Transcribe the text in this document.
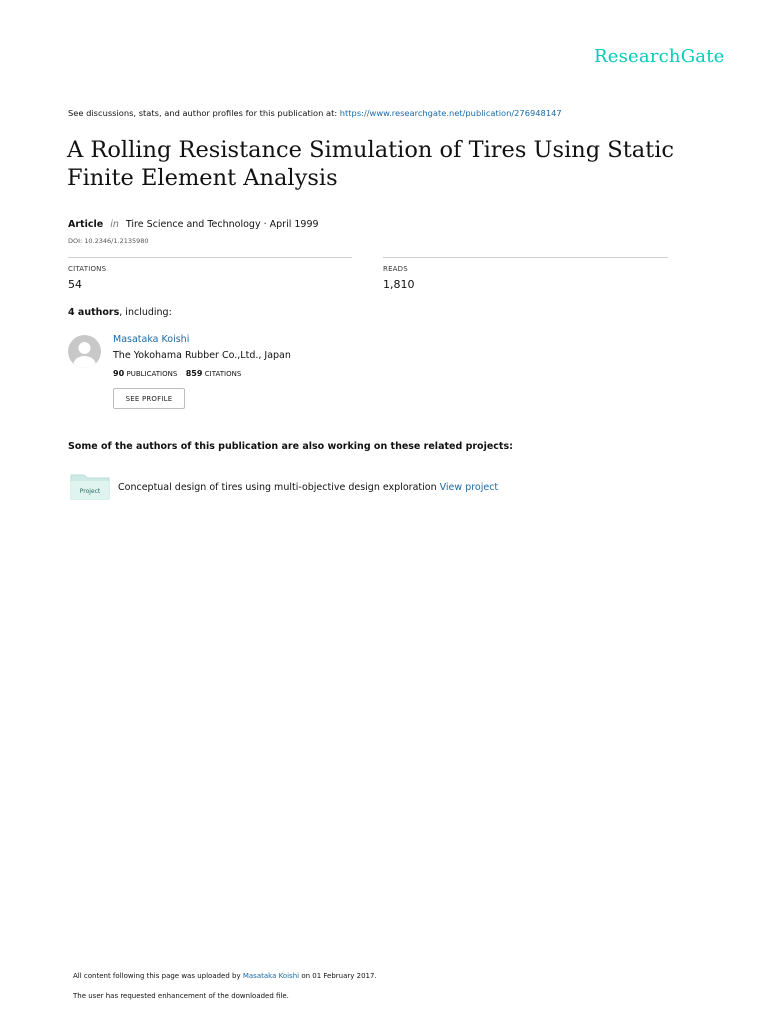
ResearchGate
See discussions, stats, and author profiles for this publication at: https://www.researchgate.net/publication/276948147
A Rolling Resistance Simulation of Tires Using Static Finite Element Analysis
Article in Tire Science and Technology · April 1999
DOI: 10.2346/1.2135980
CITATIONS
54
READS
1,810
4 authors, including:
Masataka Koishi
The Yokohama Rubber Co.,Ltd., Japan
90 PUBLICATIONS 859 CITATIONS
SEE PROFILE
Some of the authors of this publication are also working on these related projects:
Project Conceptual design of tires using multi-objective design exploration View project
All content following this page was uploaded by Masataka Koishi on 01 February 2017.
The user has requested enhancement of the downloaded file.
